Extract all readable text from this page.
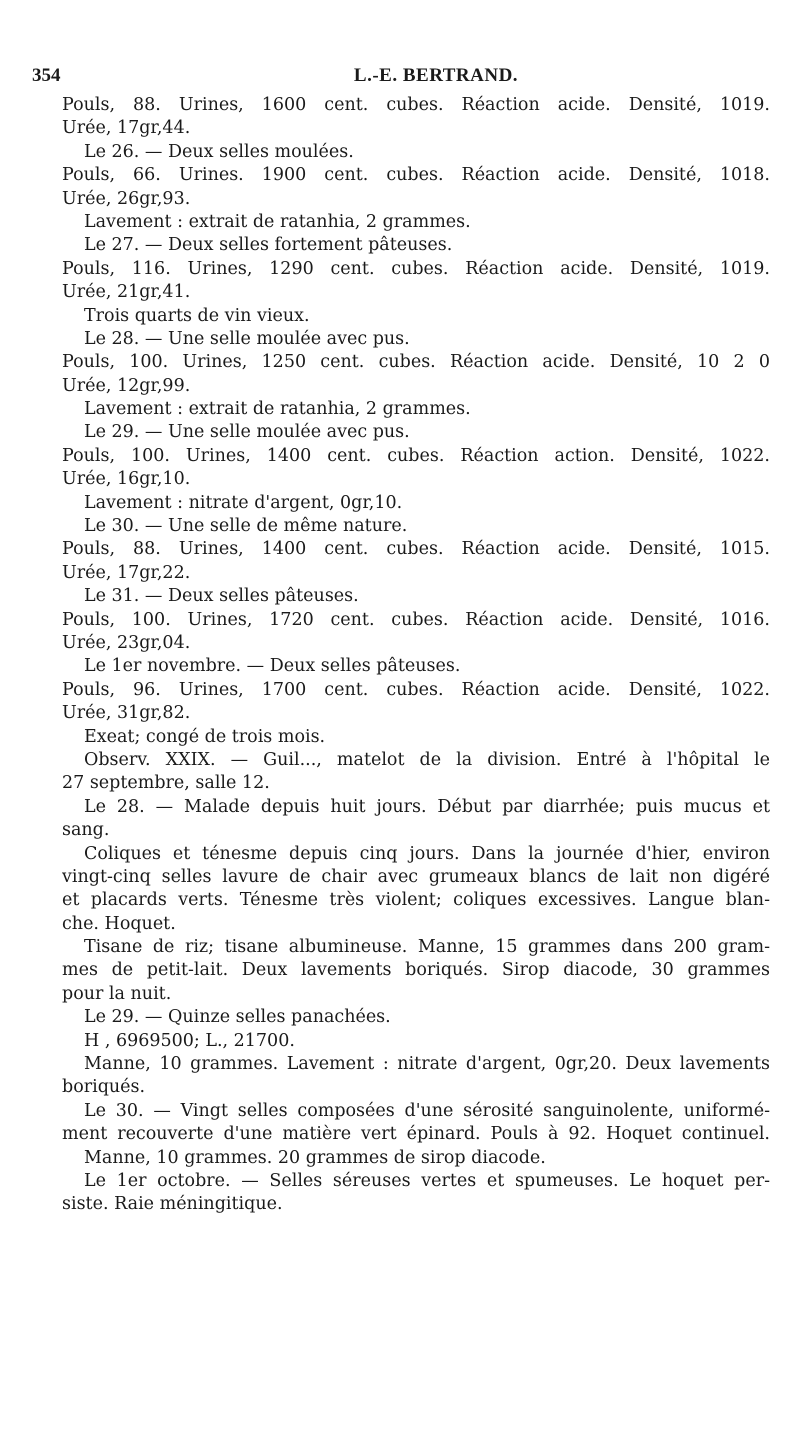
354	L.-E. BERTRAND.
Pouls, 88. Urines, 1600 cent. cubes. Réaction acide. Densité, 1019.
Urée, 17gr,44.
Le 26. — Deux selles moulées.
Pouls, 66. Urines. 1900 cent. cubes. Réaction acide. Densité, 1018.
Urée, 26gr,93.
Lavement : extrait de ratanhia, 2 grammes.
Le 27. — Deux selles fortement pâteuses.
Pouls, 116. Urines, 1290 cent. cubes. Réaction acide. Densité, 1019.
Urée, 21gr,41.
Trois quarts de vin vieux.
Le 28. — Une selle moulée avec pus.
Pouls, 100. Urines, 1250 cent. cubes. Réaction acide. Densité, 10 2 0
Urée, 12gr,99.
Lavement : extrait de ratanhia, 2 grammes.
Le 29. — Une selle moulée avec pus.
Pouls, 100. Urines, 1400 cent. cubes. Réaction action. Densité, 1022.
Urée, 16gr,10.
Lavement : nitrate d'argent, 0gr,10.
Le 30. — Une selle de même nature.
Pouls, 88. Urines, 1400 cent. cubes. Réaction acide. Densité, 1015.
Urée, 17gr,22.
Le 31. — Deux selles pâteuses.
Pouls, 100. Urines, 1720 cent. cubes. Réaction acide. Densité, 1016.
Urée, 23gr,04.
Le 1er novembre. — Deux selles pâteuses.
Pouls, 96. Urines, 1700 cent. cubes. Réaction acide. Densité, 1022.
Urée, 31gr,82.
Exeat; congé de trois mois.
Observ. XXIX. — Guil..., matelot de la division. Entré à l'hôpital le
27 septembre, salle 12.
Le 28. — Malade depuis huit jours. Début par diarrhée; puis mucus et
sang.
Coliques et ténesme depuis cinq jours. Dans la journée d'hier, environ
vingt-cinq selles lavure de chair avec grumeaux blancs de lait non digéré
et placards verts. Ténesme très violent; coliques excessives. Langue blan-
che. Hoquet.
Tisane de riz; tisane albumineuse. Manne, 15 grammes dans 200 gram-
mes de petit-lait. Deux lavements boriqués. Sirop diacode, 30 grammes
pour la nuit.
Le 29. — Quinze selles panachées.
H , 6969500; L., 21700.
Manne, 10 grammes. Lavement : nitrate d'argent, 0gr,20. Deux lavements
boriqués.
Le 30. — Vingt selles composées d'une sérosité sanguinolente, uniformé-
ment recouverte d'une matière vert épinard. Pouls à 92. Hoquet continuel.
Manne, 10 grammes. 20 grammes de sirop diacode.
Le 1er octobre. — Selles séreuses vertes et spumeuses. Le hoquet per-
siste. Raie méningitique.
